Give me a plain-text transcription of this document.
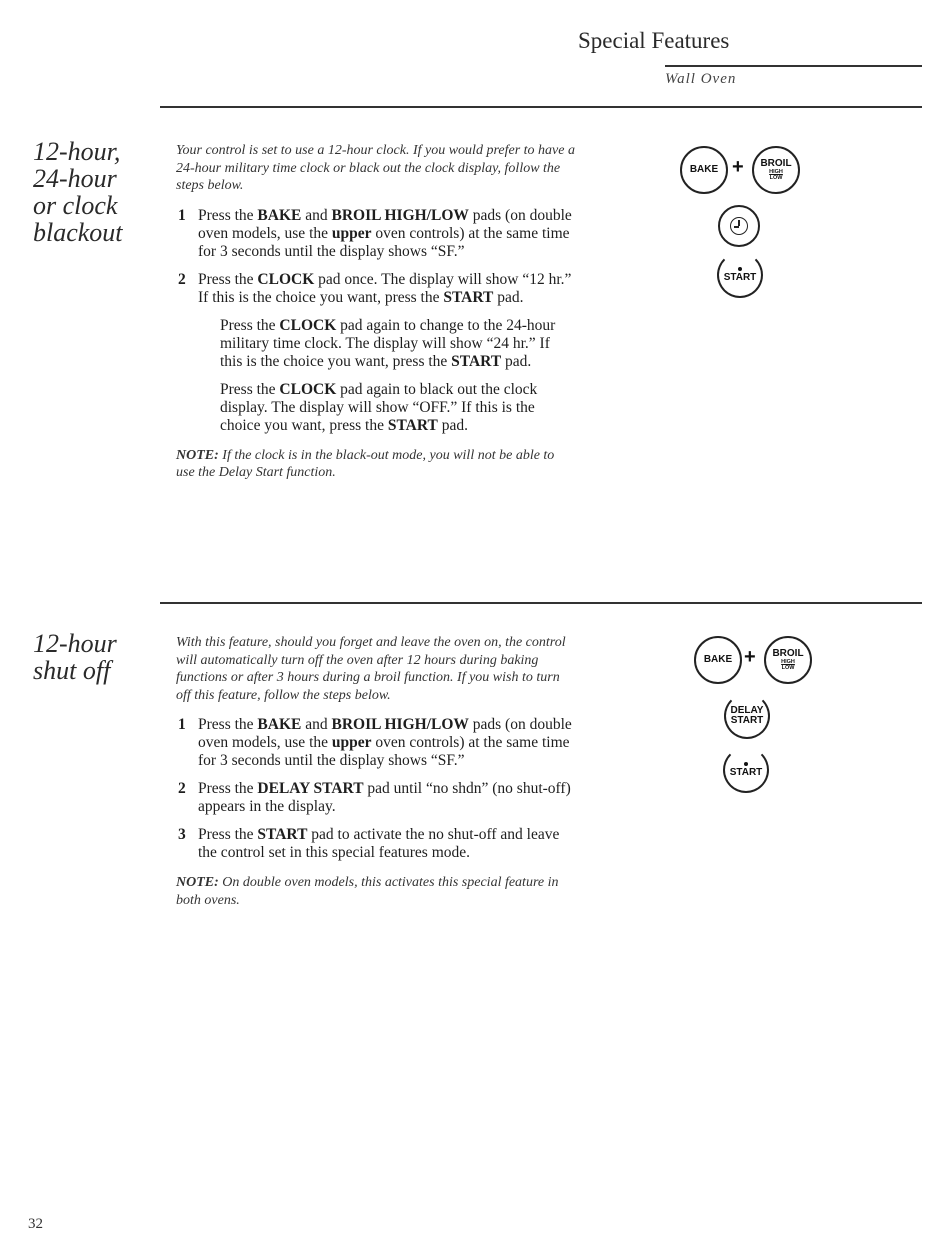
Special Features
Wall Oven
12-hour,
24-hour
or clock
blackout

Your control is set to use a 12-hour clock. If you would prefer to have a 24-hour military time clock or black out the clock display, follow the steps below.

1 Press the BAKE and BROIL HIGH/LOW pads (on double oven models, use the upper oven controls) at the same time for 3 seconds until the display shows “SF.”
2 Press the CLOCK pad once. The display will show “12 hr.” If this is the choice you want, press the START pad.
Press the CLOCK pad again to change to the 24-hour military time clock. The display will show “24 hr.” If this is the choice you want, press the START pad.
Press the CLOCK pad again to black out the clock display. The display will show “OFF.” If this is the choice you want, press the START pad.
NOTE: If the clock is in the black-out mode, you will not be able to use the Delay Start function.
BAKE + BROIL
HIGH
LOW
START
12-hour
shut off

With this feature, should you forget and leave the oven on, the control will automatically turn off the oven after 12 hours during baking functions or after 3 hours during a broil function. If you wish to turn off this feature, follow the steps below.

1 Press the BAKE and BROIL HIGH/LOW pads (on double oven models, use the upper oven controls) at the same time for 3 seconds until the display shows “SF.”
2 Press the DELAY START pad until “no shdn” (no shut-off) appears in the display.
3 Press the START pad to activate the no shut-off and leave the control set in this special features mode.
NOTE: On double oven models, this activates this special feature in both ovens.
BAKE + BROIL
HIGH
LOW
DELAY
START
START
32
